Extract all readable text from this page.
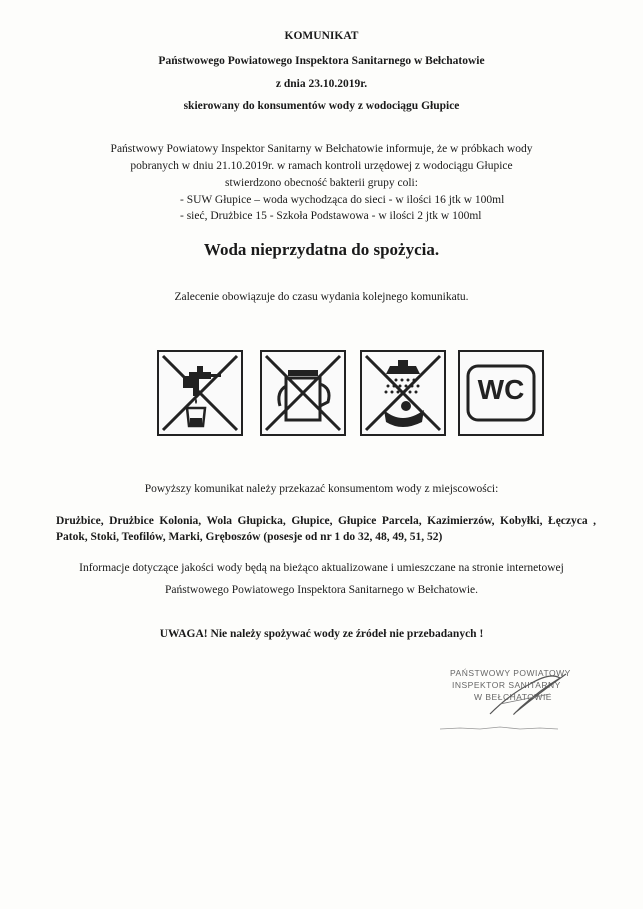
KOMUNIKAT
Państwowego Powiatowego Inspektora Sanitarnego w Bełchatowie
z dnia 23.10.2019r.
skierowany do konsumentów wody z wodociągu Głupice
Państwowy Powiatowy Inspektor Sanitarny w Bełchatowie informuje, że w próbkach wody
pobranych w dniu 21.10.2019r. w ramach kontroli urzędowej z wodociągu Głupice
stwierdzono obecność bakterii grupy coli:
- SUW Głupice – woda wychodząca do sieci - w ilości 16 jtk w 100ml
- sieć, Drużbice 15 - Szkoła Podstawowa - w ilości 2 jtk w 100ml
Woda nieprzydatna do spożycia.
Zalecenie obowiązuje do czasu wydania kolejnego komunikatu.
WC
Powyższy komunikat należy przekazać konsumentom wody z miejscowości:
Drużbice, Drużbice Kolonia, Wola Głupicka, Głupice, Głupice Parcela, Kazimierzów, Kobyłki, Łęczyca , Patok, Stoki, Teofilów, Marki, Gręboszów (posesje od nr 1 do 32, 48, 49, 51, 52)
Informacje dotyczące jakości wody będą na bieżąco aktualizowane i umieszczane na stronie internetowej
Państwowego Powiatowego Inspektora Sanitarnego w Bełchatowie.
UWAGA! Nie należy spożywać wody ze źródeł nie przebadanych !
PAŃSTWOWY POWIATOWY
INSPEKTOR SANITARNY
W BEŁCHATOWIE
